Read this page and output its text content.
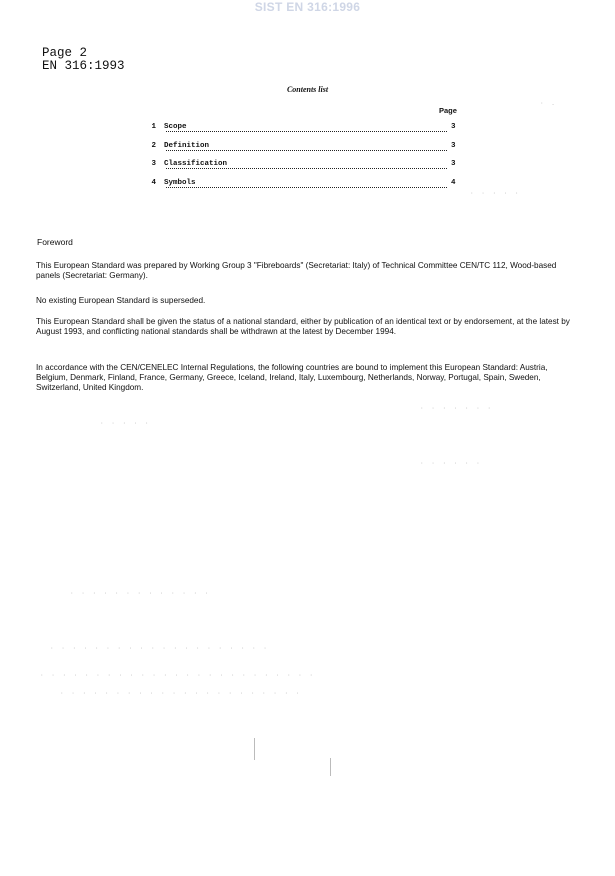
SIST EN 316:1996
Page 2
EN 316:1993
Contents list
Page
1 Scope	3
2 Definition	3
3 Classification	3
4 Symbols	4
Foreword
This European Standard was prepared by Working Group 3 "Fibreboards" (Secretariat: Italy) of Technical Committee CEN/TC 112, Wood-based panels (Secretariat: Germany).
No existing European Standard is superseded.
This European Standard shall be given the status of a national standard, either by publication of an identical text or by endorsement, at the latest by August 1993, and conflicting national standards shall be withdrawn at the latest by December 1994.
In accordance with the CEN/CENELEC Internal Regulations, the following countries are bound to implement this European Standard: Austria, Belgium, Denmark, Finland, France, Germany, Greece, Iceland, Ireland, Italy, Luxembourg, Netherlands, Norway, Portugal, Spain, Sweden, Switzerland, United Kingdom.
· .
· · · · ·
· · · · · · ·
· · · · ·
· · · · · ·
· · · · · · · · · · · · ·
· · · · · · · · · · · · · · · · · · · ·
· · · · · · · · · · · · · · · · · · · · · · · · ·
· · · · · · · · · · · · · · · · · · · · · ·
